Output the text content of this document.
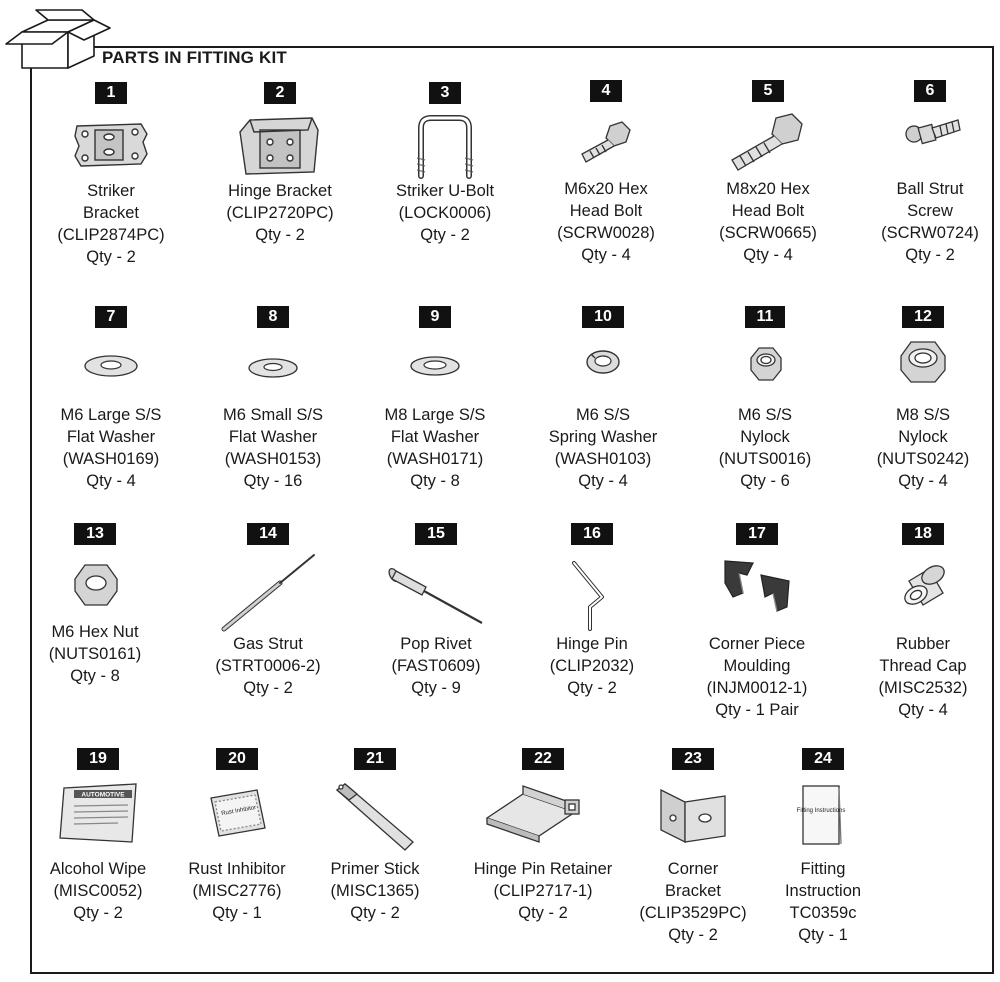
PARTS IN FITTING KIT
1
Striker
Bracket
(CLIP2874PC)
Qty - 2
2
Hinge Bracket
(CLIP2720PC)
Qty - 2
3
Striker U-Bolt
(LOCK0006)
Qty - 2
4
M6x20 Hex
Head Bolt
(SCRW0028)
Qty - 4
5
M8x20 Hex
Head Bolt
(SCRW0665)
Qty - 4
6
Ball Strut
Screw
(SCRW0724)
Qty - 2
7
M6 Large S/S
Flat Washer
(WASH0169)
Qty - 4
8
M6 Small S/S
Flat Washer
(WASH0153)
Qty - 16
9
M8 Large S/S
Flat Washer
(WASH0171)
Qty - 8
10
M6 S/S
Spring Washer
(WASH0103)
Qty - 4
11
M6 S/S
Nylock
(NUTS0016)
Qty - 6
12
M8 S/S
Nylock
(NUTS0242)
Qty - 4
13
M6 Hex Nut
(NUTS0161)
Qty - 8
14
Gas Strut
(STRT0006-2)
Qty - 2
15
Pop Rivet
(FAST0609)
Qty - 9
16
Hinge Pin
(CLIP2032)
Qty - 2
17
Corner Piece
Moulding
(INJM0012-1)
Qty - 1 Pair
18
Rubber
Thread Cap
(MISC2532)
Qty - 4
19
AUTOMOTIVE
Alcohol Wipe
(MISC0052)
Qty - 2
20
Rust Inhibitor
Rust Inhibitor
(MISC2776)
Qty - 1
21
Primer Stick
(MISC1365)
Qty - 2
22
Hinge Pin Retainer
(CLIP2717-1)
Qty - 2
23
Corner
Bracket
(CLIP3529PC)
Qty - 2
24
Fitting Instructions
Fitting
Instruction
TC0359c
Qty - 1
